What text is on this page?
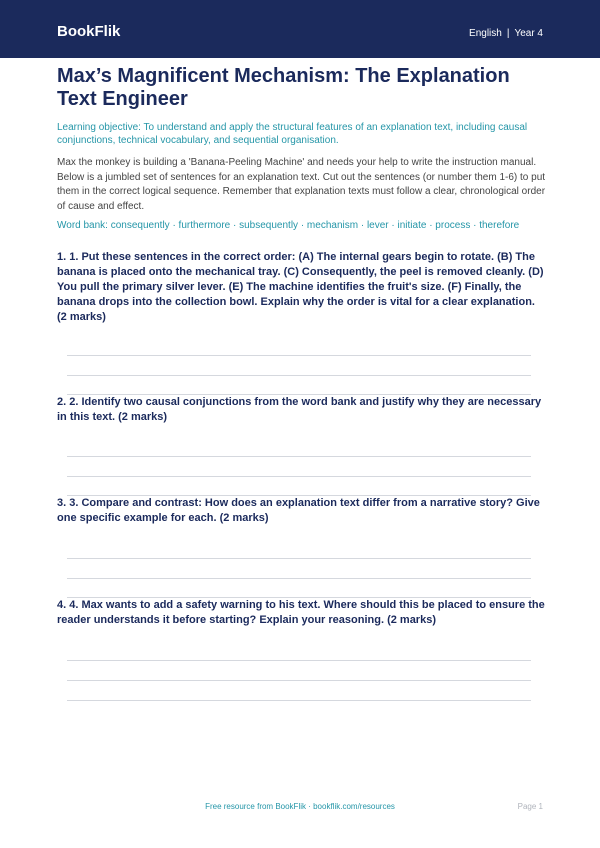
BookFlik	English | Year 4
Max’s Magnificent Mechanism: The Explanation Text Engineer
Learning objective: To understand and apply the structural features of an explanation text, including causal conjunctions, technical vocabulary, and sequential organisation.
Max the monkey is building a 'Banana-Peeling Machine' and needs your help to write the instruction manual. Below is a jumbled set of sentences for an explanation text. Cut out the sentences (or number them 1-6) to put them in the correct logical sequence. Remember that explanation texts must follow a clear, chronological order of cause and effect.
Word bank: consequently · furthermore · subsequently · mechanism · lever · initiate · process · therefore
1. 1. Put these sentences in the correct order: (A) The internal gears begin to rotate. (B) The banana is placed onto the mechanical tray. (C) Consequently, the peel is removed cleanly. (D) You pull the primary silver lever. (E) The machine identifies the fruit's size. (F) Finally, the banana drops into the collection bowl. Explain why the order is vital for a clear explanation. (2 marks)
2. 2. Identify two causal conjunctions from the word bank and justify why they are necessary in this text. (2 marks)
3. 3. Compare and contrast: How does an explanation text differ from a narrative story? Give one specific example for each. (2 marks)
4. 4. Max wants to add a safety warning to his text. Where should this be placed to ensure the reader understands it before starting? Explain your reasoning. (2 marks)
Free resource from BookFlik · bookflik.com/resources	Page 1
